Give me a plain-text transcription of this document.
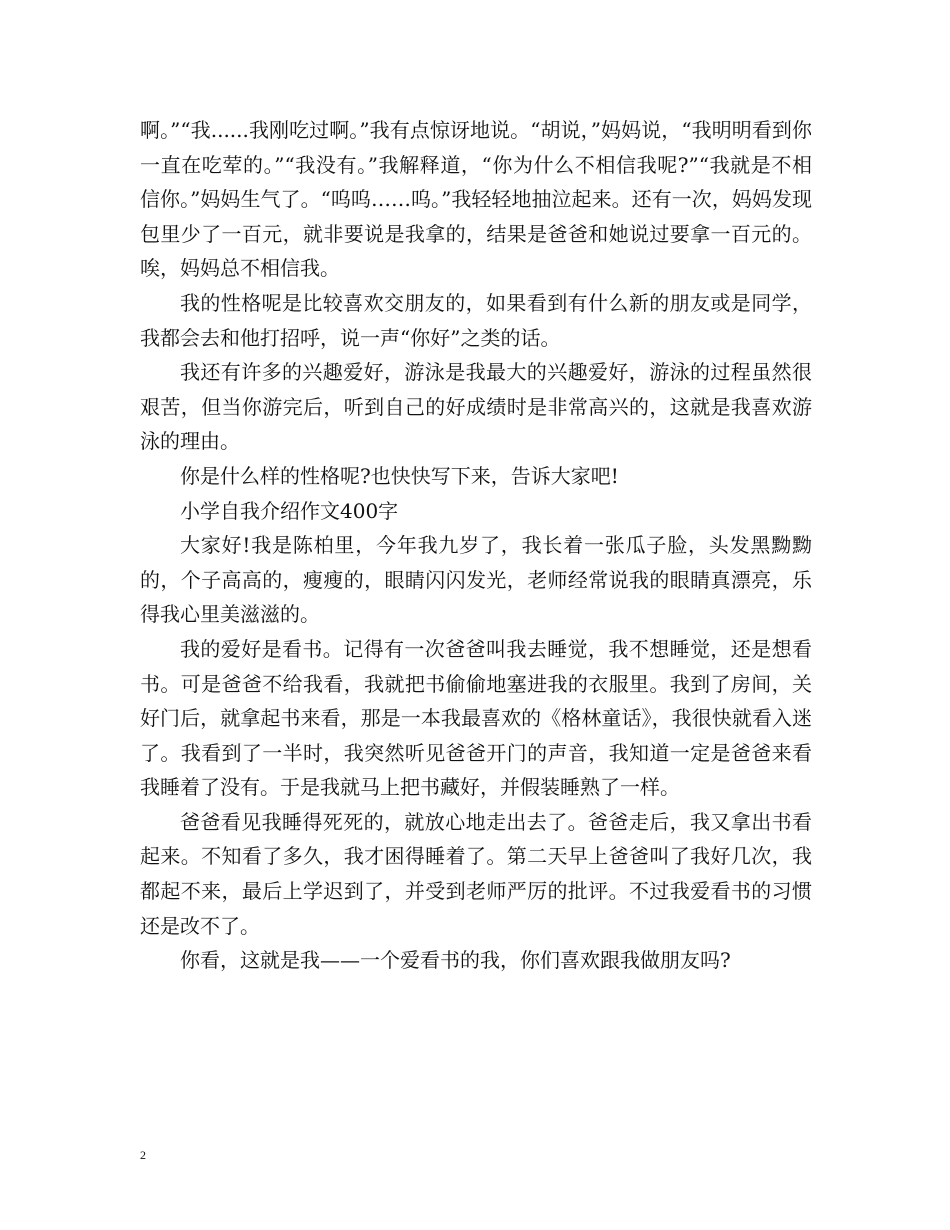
啊。”“我......我刚吃过啊。”我有点惊讶地说。“胡说，”妈妈说，“我明明看到你一直在吃荤的。”“我没有。”我解释道，“你为什么不相信我呢?”“我就是不相信你。”妈妈生气了。“呜呜……呜。”我轻轻地抽泣起来。还有一次，妈妈发现包里少了一百元，就非要说是我拿的，结果是爸爸和她说过要拿一百元的。唉，妈妈总不相信我。

我的性格呢是比较喜欢交朋友的，如果看到有什么新的朋友或是同学，我都会去和他打招呼，说一声“你好”之类的话。

我还有许多的兴趣爱好，游泳是我最大的兴趣爱好，游泳的过程虽然很艰苦，但当你游完后，听到自己的好成绩时是非常高兴的，这就是我喜欢游泳的理由。

你是什么样的性格呢?也快快写下来，告诉大家吧!

小学自我介绍作文400字

大家好!我是陈柏里，今年我九岁了，我长着一张瓜子脸，头发黑黝黝的，个子高高的，瘦瘦的，眼睛闪闪发光，老师经常说我的眼睛真漂亮，乐得我心里美滋滋的。

我的爱好是看书。记得有一次爸爸叫我去睡觉，我不想睡觉，还是想看书。可是爸爸不给我看，我就把书偷偷地塞进我的衣服里。我到了房间，关好门后，就拿起书来看，那是一本我最喜欢的《格林童话》，我很快就看入迷了。我看到了一半时，我突然听见爸爸开门的声音，我知道一定是爸爸来看我睡着了没有。于是我就马上把书藏好，并假装睡熟了一样。

爸爸看见我睡得死死的，就放心地走出去了。爸爸走后，我又拿出书看起来。不知看了多久，我才困得睡着了。第二天早上爸爸叫了我好几次，我都起不来，最后上学迟到了，并受到老师严厉的批评。不过我爱看书的习惯还是改不了。

你看，这就是我——一个爱看书的我，你们喜欢跟我做朋友吗?

2
